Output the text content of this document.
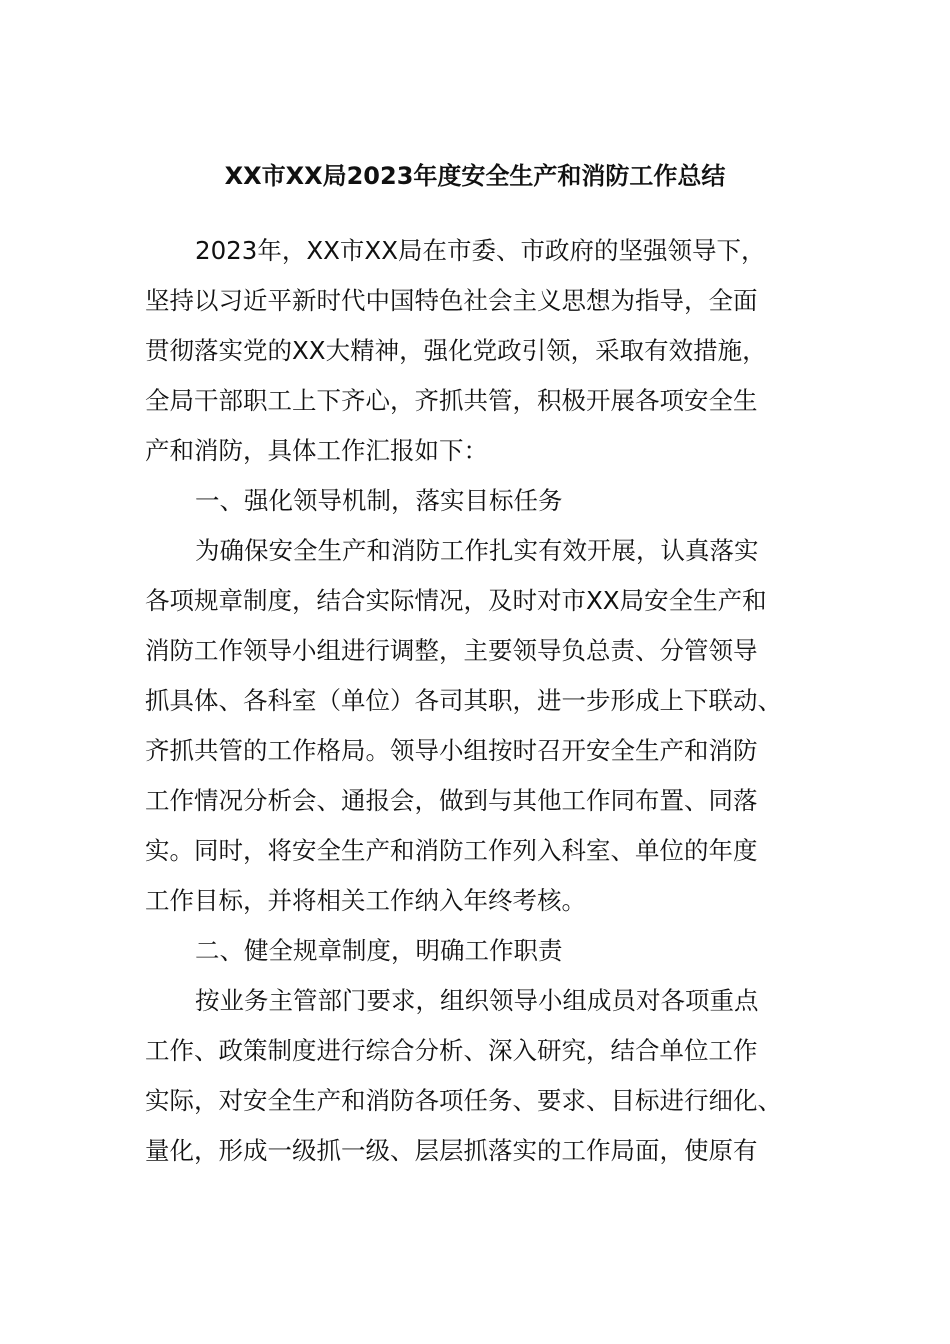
XX市XX局2023年度安全生产和消防工作总结
2023年，XX市XX局在市委、市政府的坚强领导下，
坚持以习近平新时代中国特色社会主义思想为指导，全面
贯彻落实党的XX大精神，强化党政引领，采取有效措施，
全局干部职工上下齐心，齐抓共管，积极开展各项安全生
产和消防，具体工作汇报如下：
一、强化领导机制，落实目标任务
为确保安全生产和消防工作扎实有效开展，认真落实
各项规章制度，结合实际情况，及时对市XX局安全生产和
消防工作领导小组进行调整，主要领导负总责、分管领导
抓具体、各科室（单位）各司其职，进一步形成上下联动、
齐抓共管的工作格局。领导小组按时召开安全生产和消防
工作情况分析会、通报会，做到与其他工作同布置、同落
实。同时，将安全生产和消防工作列入科室、单位的年度
工作目标，并将相关工作纳入年终考核。
二、健全规章制度，明确工作职责
按业务主管部门要求，组织领导小组成员对各项重点
工作、政策制度进行综合分析、深入研究，结合单位工作
实际，对安全生产和消防各项任务、要求、目标进行细化、
量化，形成一级抓一级、层层抓落实的工作局面，使原有
